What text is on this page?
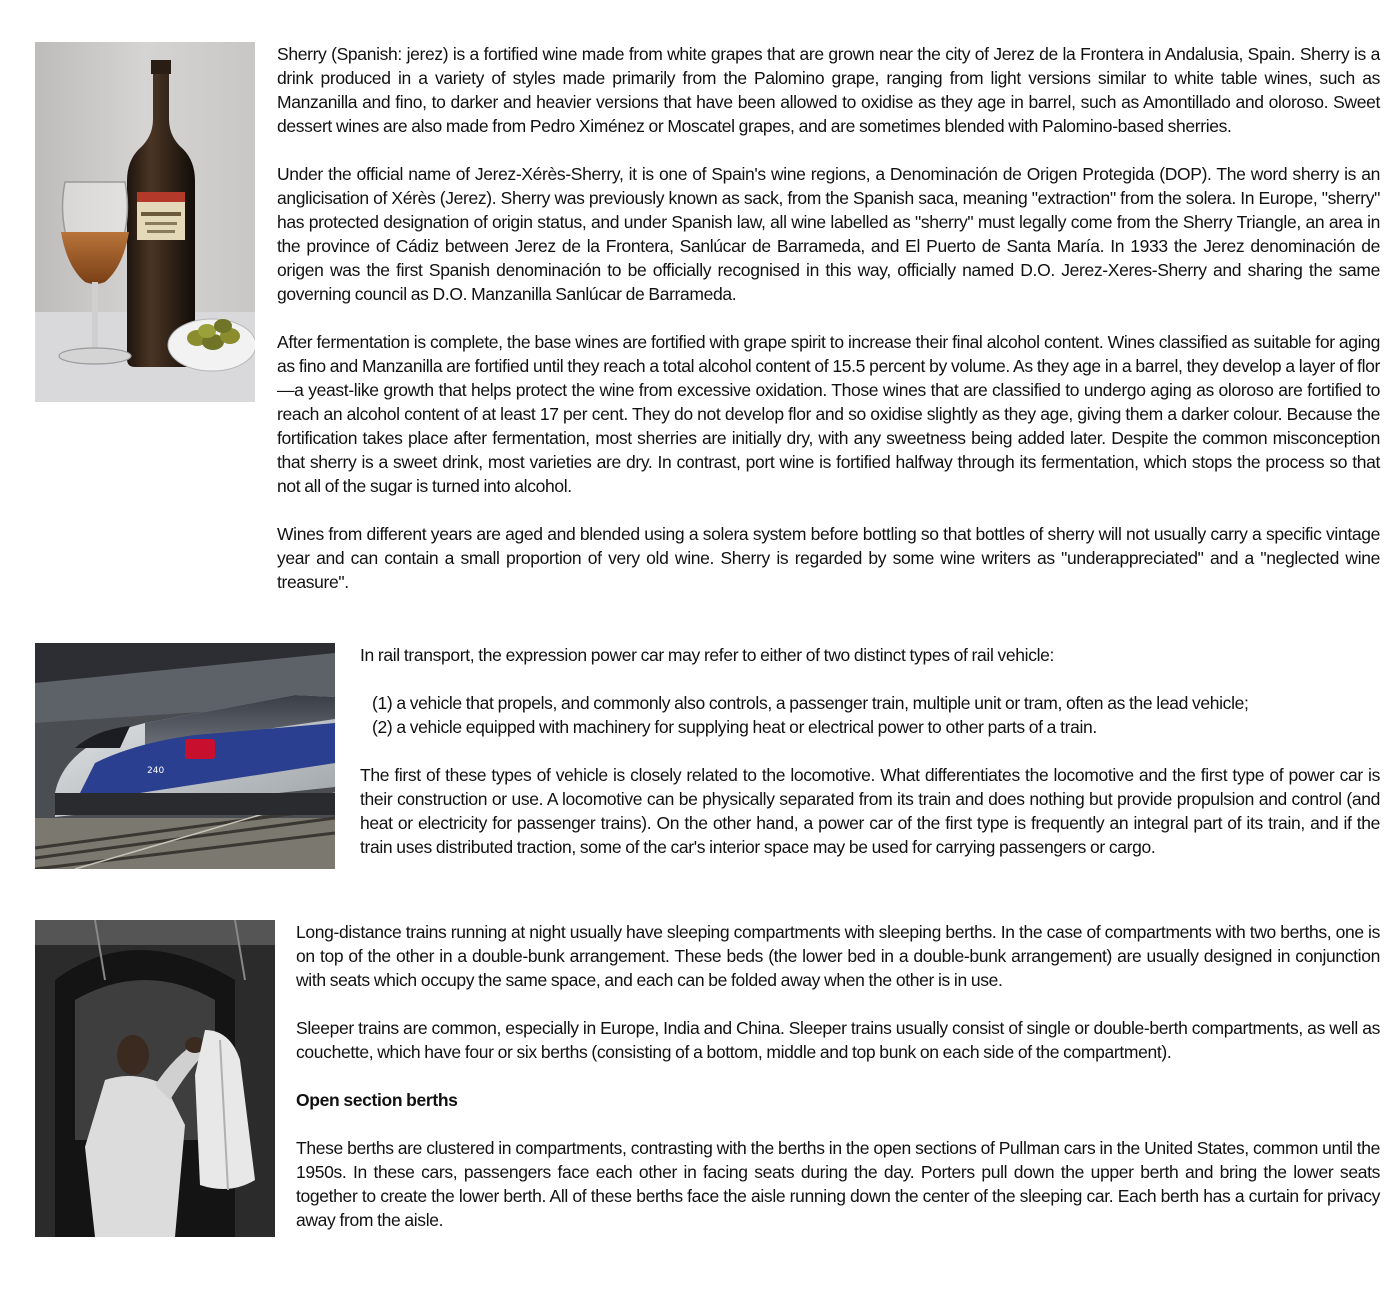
Sherry (Spanish: jerez) is a fortified wine made from white grapes that are grown near the city of Jerez de la Frontera in Andalusia, Spain. Sherry is a drink produced in a variety of styles made primarily from the Palomino grape, ranging from light versions similar to white table wines, such as Manzanilla and fino, to darker and heavier versions that have been allowed to oxidise as they age in barrel, such as Amontillado and oloroso. Sweet dessert wines are also made from Pedro Ximénez or Moscatel grapes, and are sometimes blended with Palomino-based sherries.

Under the official name of Jerez-Xérès-Sherry, it is one of Spain's wine regions, a Denominación de Origen Protegida (DOP). The word sherry is an anglicisation of Xérès (Jerez). Sherry was previously known as sack, from the Spanish saca, meaning "extraction" from the solera. In Europe, "sherry" has protected designation of origin status, and under Spanish law, all wine labelled as "sherry" must legally come from the Sherry Triangle, an area in the province of Cádiz between Jerez de la Frontera, Sanlúcar de Barrameda, and El Puerto de Santa María. In 1933 the Jerez denominación de origen was the first Spanish denominación to be officially recognised in this way, officially named D.O. Jerez-Xeres-Sherry and sharing the same governing council as D.O. Manzanilla Sanlúcar de Barrameda.

After fermentation is complete, the base wines are fortified with grape spirit to increase their final alcohol content. Wines classified as suitable for aging as fino and Manzanilla are fortified until they reach a total alcohol content of 15.5 percent by volume. As they age in a barrel, they develop a layer of flor—a yeast-like growth that helps protect the wine from excessive oxidation. Those wines that are classified to undergo aging as oloroso are fortified to reach an alcohol content of at least 17 per cent. They do not develop flor and so oxidise slightly as they age, giving them a darker colour. Because the fortification takes place after fermentation, most sherries are initially dry, with any sweetness being added later. Despite the common misconception that sherry is a sweet drink, most varieties are dry. In contrast, port wine is fortified halfway through its fermentation, which stops the process so that not all of the sugar is turned into alcohol.

Wines from different years are aged and blended using a solera system before bottling so that bottles of sherry will not usually carry a specific vintage year and can contain a small proportion of very old wine. Sherry is regarded by some wine writers as "underappreciated" and a "neglected wine treasure".

240

In rail transport, the expression power car may refer to either of two distinct types of rail vehicle:

(1) a vehicle that propels, and commonly also controls, a passenger train, multiple unit or tram, often as the lead vehicle;
(2) a vehicle equipped with machinery for supplying heat or electrical power to other parts of a train.

The first of these types of vehicle is closely related to the locomotive. What differentiates the locomotive and the first type of power car is their construction or use. A locomotive can be physically separated from its train and does nothing but provide propulsion and control (and heat or electricity for passenger trains). On the other hand, a power car of the first type is frequently an integral part of its train, and if the train uses distributed traction, some of the car's interior space may be used for carrying passengers or cargo.

Long-distance trains running at night usually have sleeping compartments with sleeping berths. In the case of compartments with two berths, one is on top of the other in a double-bunk arrangement. These beds (the lower bed in a double-bunk arrangement) are usually designed in conjunction with seats which occupy the same space, and each can be folded away when the other is in use.

Sleeper trains are common, especially in Europe, India and China. Sleeper trains usually consist of single or double-berth compartments, as well as couchette, which have four or six berths (consisting of a bottom, middle and top bunk on each side of the compartment).

Open section berths

These berths are clustered in compartments, contrasting with the berths in the open sections of Pullman cars in the United States, common until the 1950s. In these cars, passengers face each other in facing seats during the day. Porters pull down the upper berth and bring the lower seats together to create the lower berth. All of these berths face the aisle running down the center of the sleeping car. Each berth has a curtain for privacy away from the aisle.
